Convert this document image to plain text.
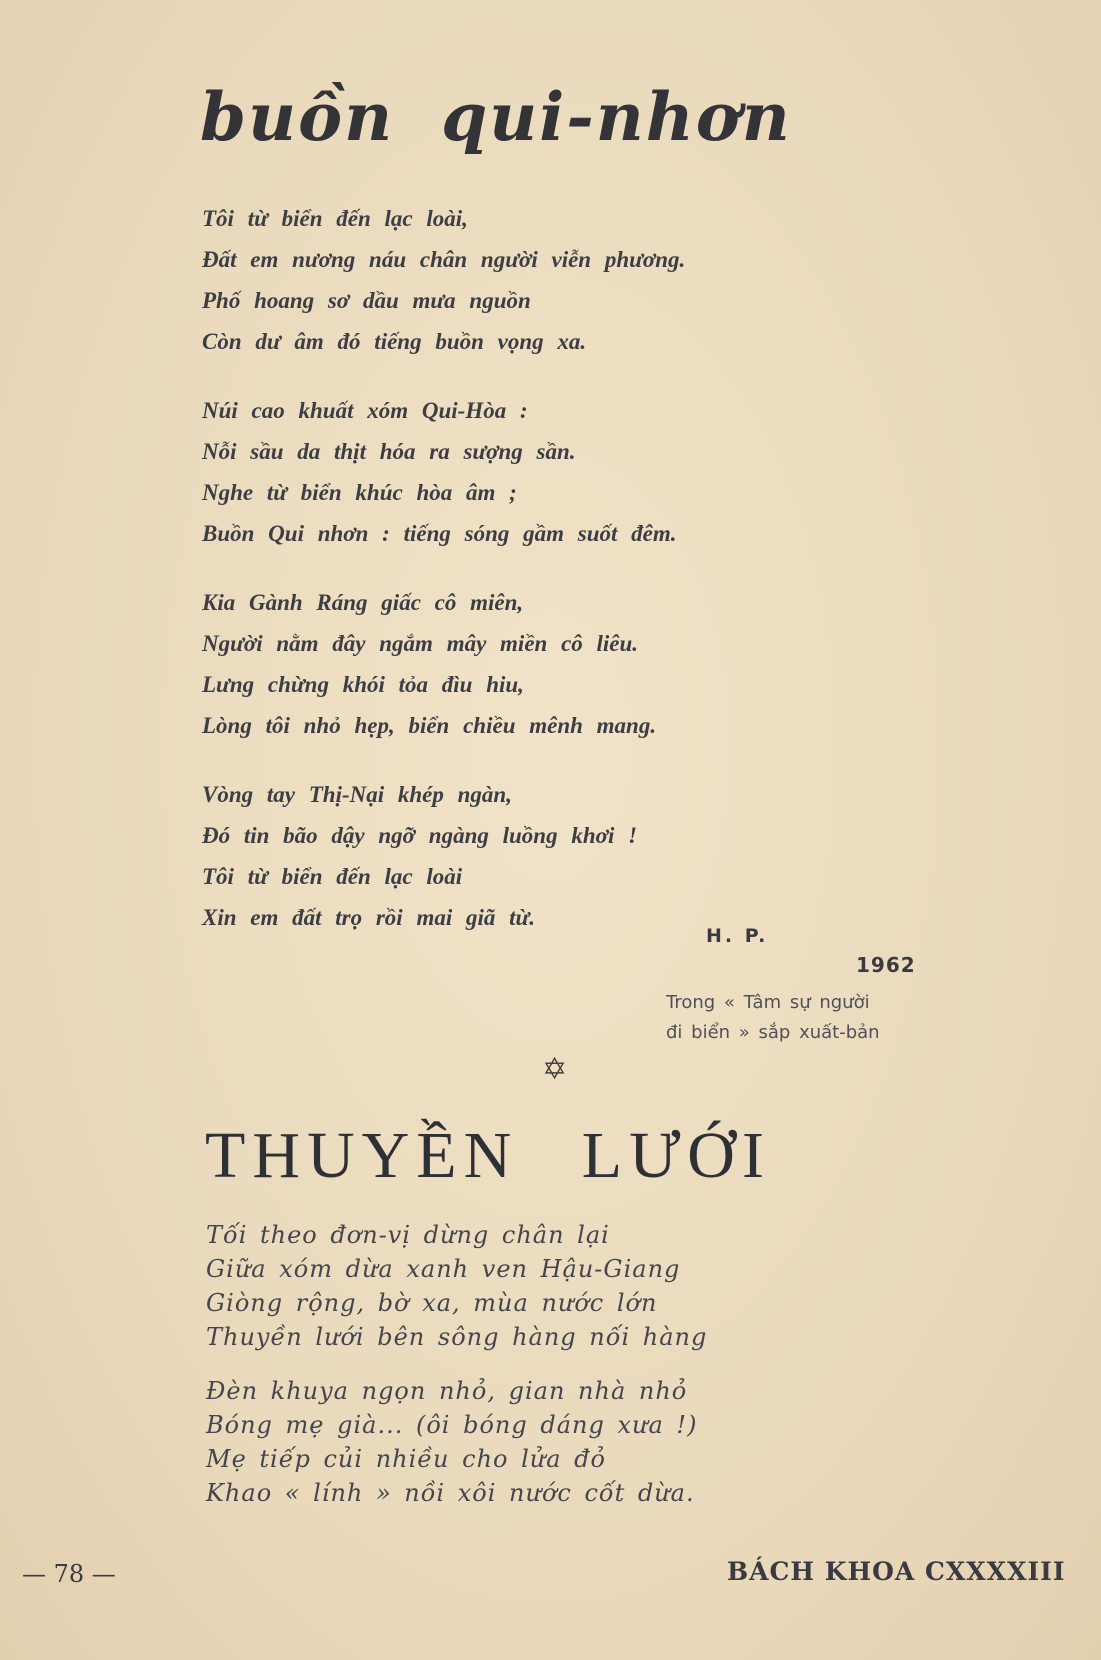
buồn qui-nhơn
Tôi từ biển đến lạc loài,
Đất em nương náu chân người viễn phương.
Phố hoang sơ dầu mưa nguồn
Còn dư âm đó tiếng buồn vọng xa.
Núi cao khuất xóm Qui-Hòa :
Nỗi sầu da thịt hóa ra sượng sần.
Nghe từ biển khúc hòa âm ;
Buồn Qui nhơn : tiếng sóng gầm suốt đêm.
Kia Gành Ráng giấc cô miên,
Người nằm đây ngắm mây miền cô liêu.
Lưng chừng khói tỏa đìu hiu,
Lòng tôi nhỏ hẹp, biển chiều mênh mang.
Vòng tay Thị-Nại khép ngàn,
Đó tin bão dậy ngỡ ngàng luồng khơi !
Tôi từ biển đến lạc loài
Xin em đất trọ rồi mai giã từ.
H. P.
1962
Trong « Tâm sự người
đi biển » sắp xuất-bản
✡
THUYỀN LƯỚI
Tối theo đơn-vị dừng chân lại
Giữa xóm dừa xanh ven Hậu-Giang
Giòng rộng, bờ xa, mùa nước lớn
Thuyền lưới bên sông hàng nối hàng
Đèn khuya ngọn nhỏ, gian nhà nhỏ
Bóng mẹ già... (ôi bóng dáng xưa !)
Mẹ tiếp củi nhiều cho lửa đỏ
Khao « lính » nồi xôi nước cốt dừa.
— 78 —	BÁCH KHOA CXXXXIII
